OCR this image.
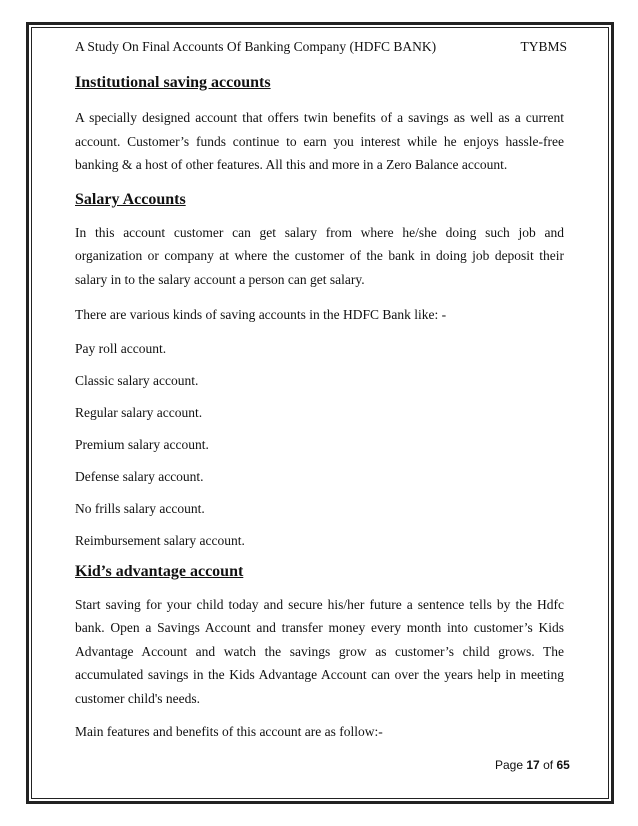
A Study On Final Accounts Of Banking Company (HDFC BANK)	TYBMS
Institutional saving accounts

A specially designed account that offers twin benefits of a savings as well as a current account. Customer’s funds continue to earn you interest while he enjoys hassle-free banking & a host of other features. All this and more in a Zero Balance account.

Salary Accounts

In this account customer can get salary from where he/she doing such job and organization or company at where the customer of the bank in doing job deposit their salary in to the salary account a person can get salary.

There are various kinds of saving accounts in the HDFC Bank like: -

Pay roll account.

Classic salary account.

Regular salary account.

Premium salary account.

Defense salary account.

No frills salary account.

Reimbursement salary account.

Kid’s advantage account

Start saving for your child today and secure his/her future a sentence tells by the Hdfc bank. Open a Savings Account and transfer money every month into customer’s Kids Advantage Account and watch the savings grow as customer’s child grows. The accumulated savings in the Kids Advantage Account can over the years help in meeting customer child's needs.

Main features and benefits of this account are as follow:-

Page 17 of 65
